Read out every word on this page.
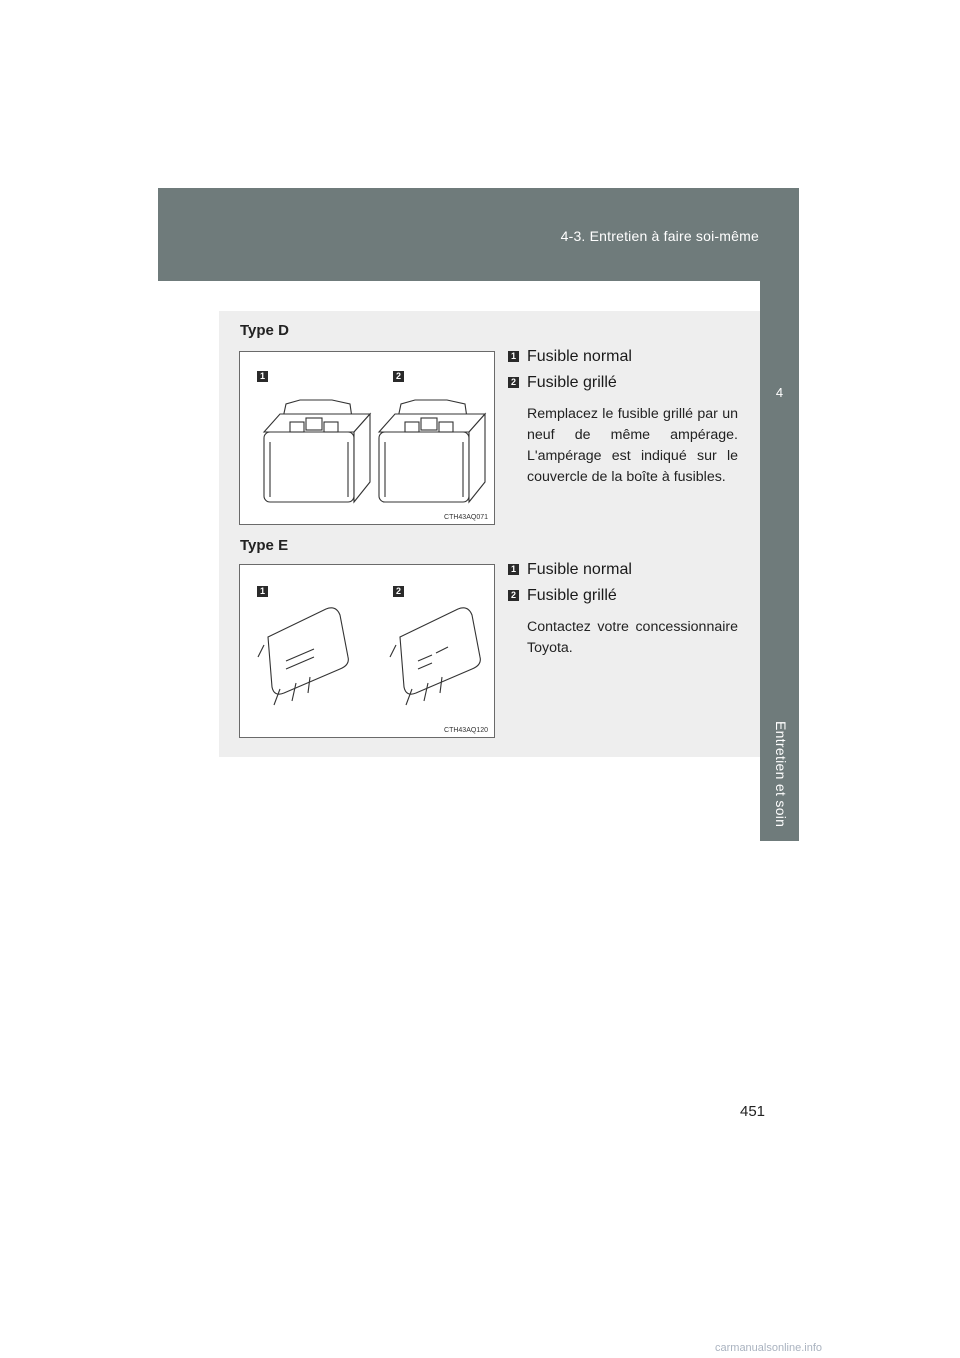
4-3. Entretien à faire soi-même
4
Entretien et soin
Type D
1	2
CTH43AQ071
1 Fusible normal
2 Fusible grillé
Remplacez le fusible grillé par un neuf de même ampérage. L'ampérage est indiqué sur le couvercle de la boîte à fusibles.
Type E
1	2
CTH43AQ120
1 Fusible normal
2 Fusible grillé
Contactez votre concessionnaire Toyota.
451
carmanualsonline.info
